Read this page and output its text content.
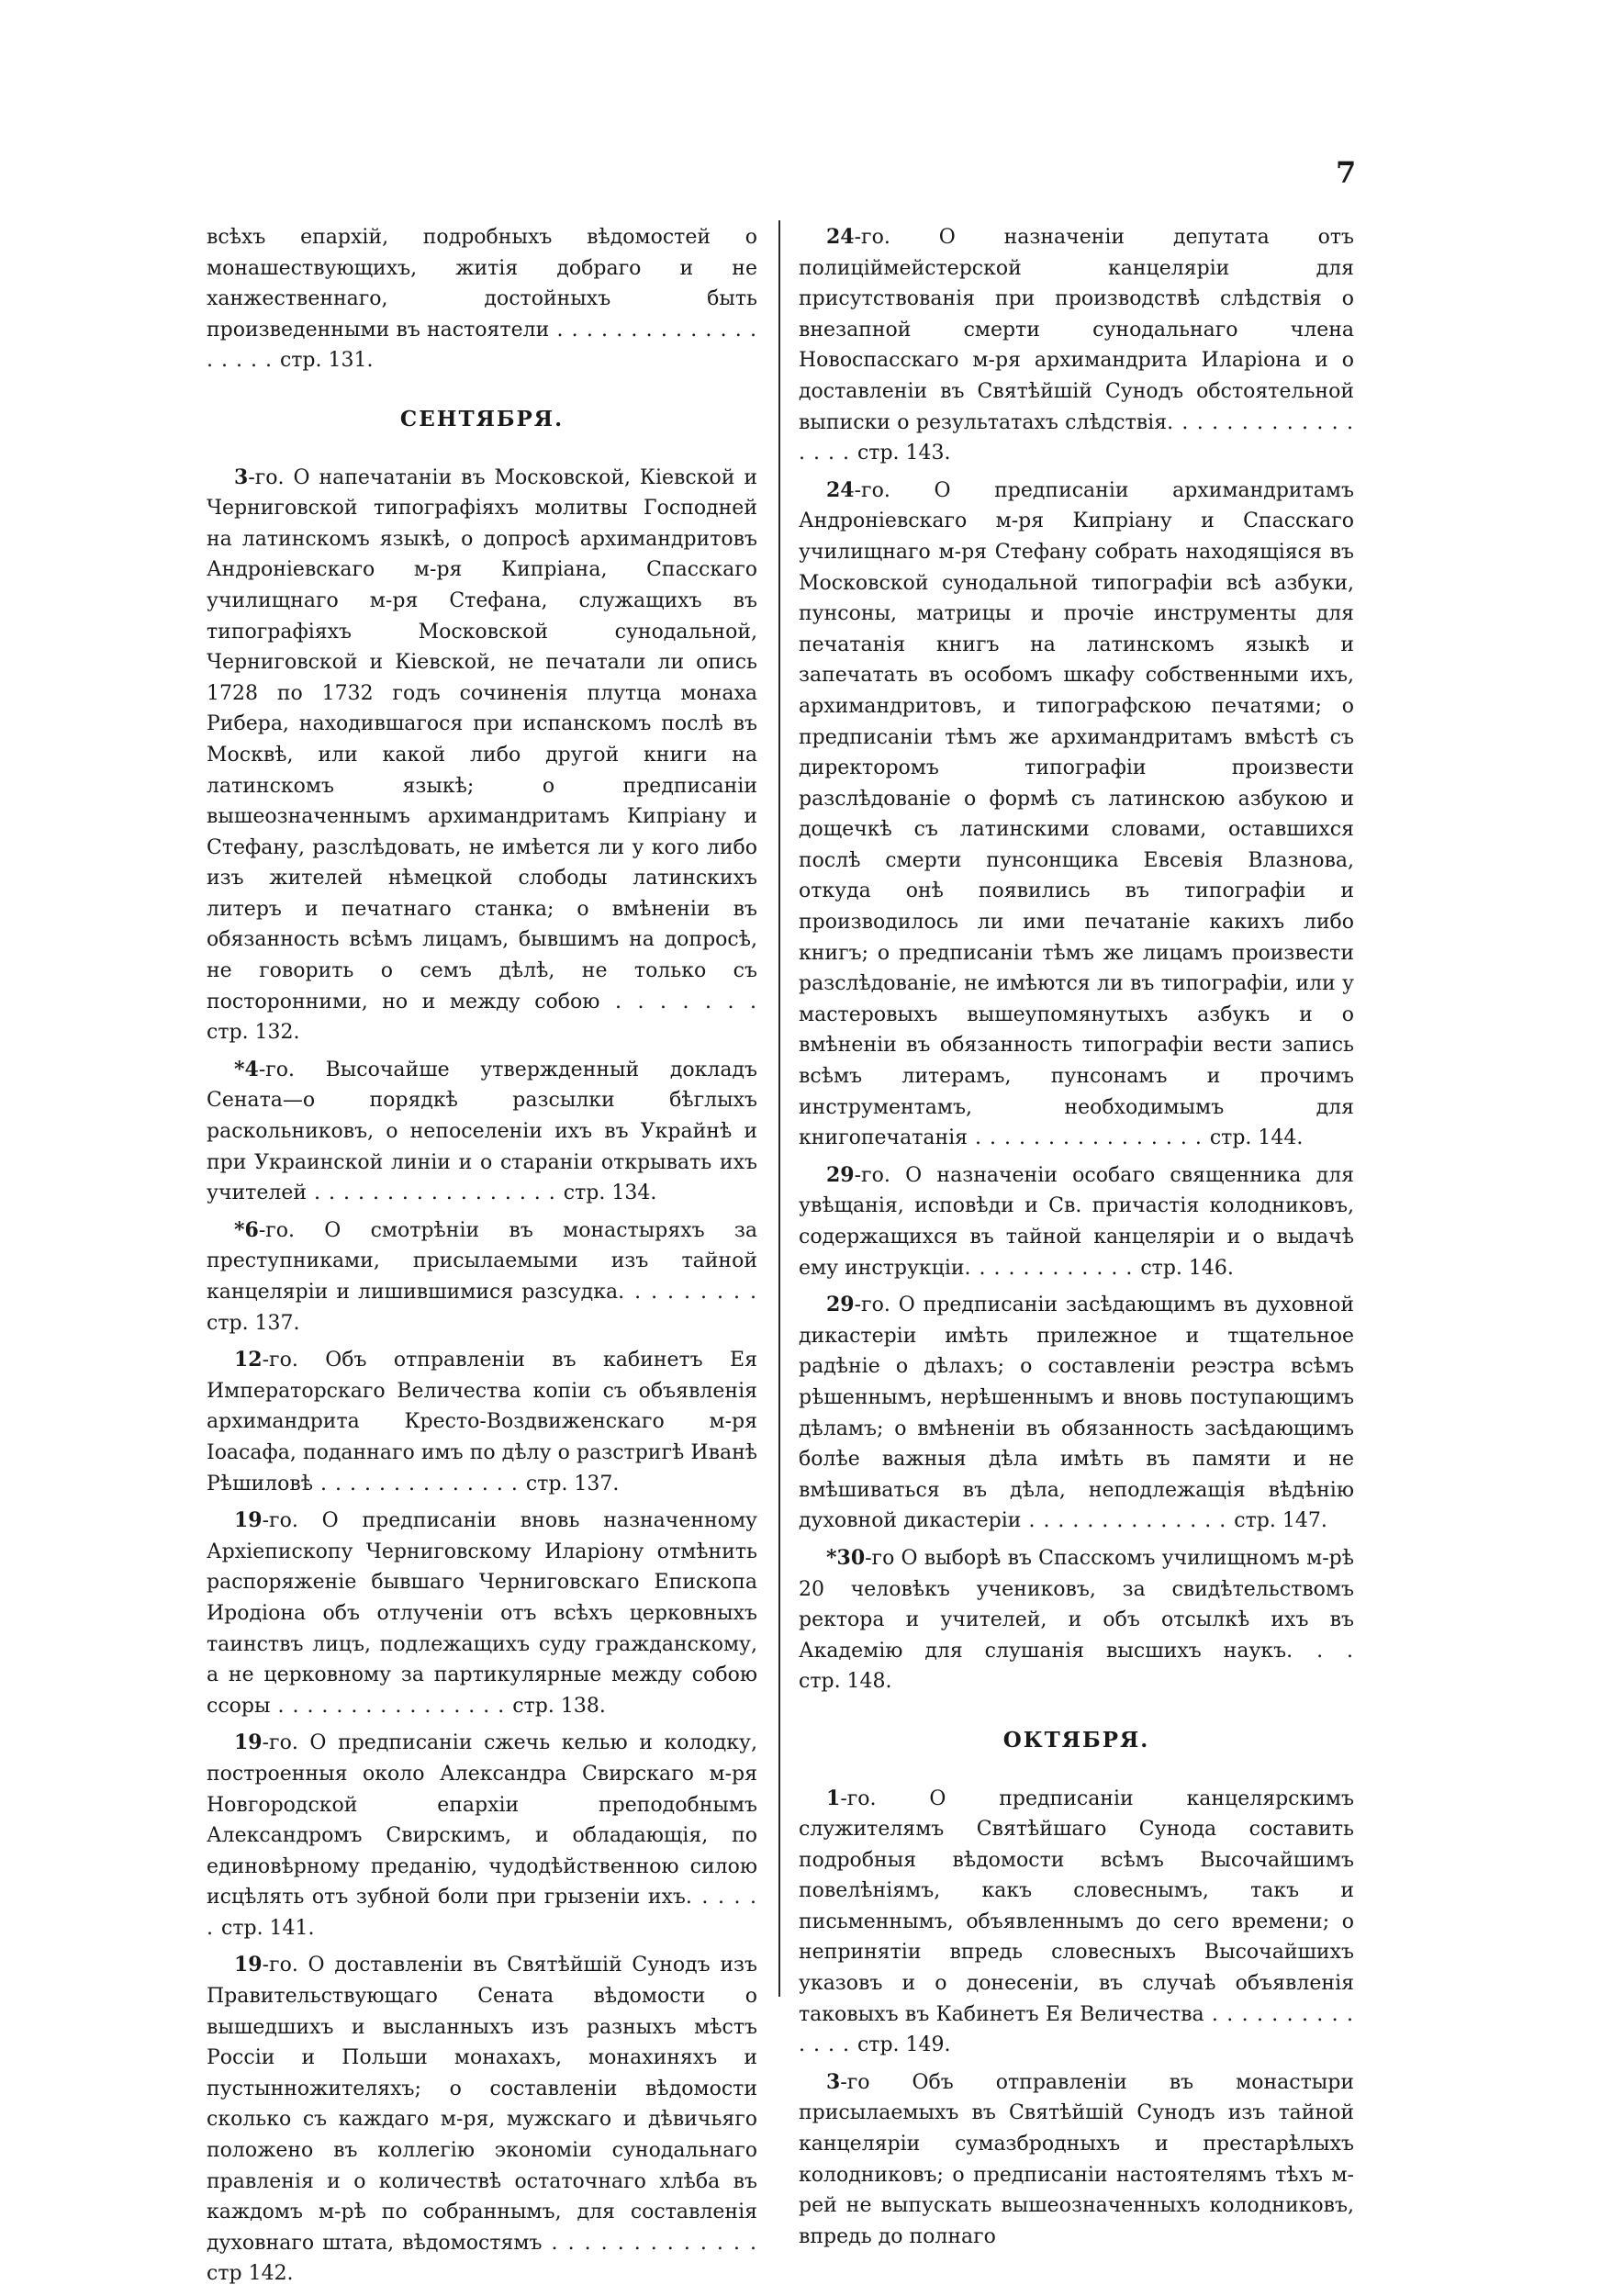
7

всѣхъ епархій, подробныхъ вѣдомостей о монашествующихъ, житія добраго и не ханжественнаго, достойныхъ быть произведенными въ настоятели . . . . . . . . . . . . . . . . . . . стр. 131.

СЕНТЯБРЯ.

3-го. О напечатаніи въ Московской, Кіевской и Черниговской типографіяхъ молитвы Господней на латинскомъ языкѣ, о допросѣ архимандритовъ Андроніевскаго м-ря Кипріана, Спасскаго училищнаго м-ря Стефана, служащихъ въ типографіяхъ Московской сунодальной, Черниговской и Кіевской, не печатали ли опись 1728 по 1732 годъ сочиненія плутца монаха Рибера, находившагося при испанскомъ послѣ въ Москвѣ, или какой либо другой книги на латинскомъ языкѣ; о предписаніи вышеозначеннымъ архимандритамъ Кипріану и Стефану, разслѣдовать, не имѣется ли у кого либо изъ жителей нѣмецкой слободы латинскихъ литеръ и печатнаго станка; о вмѣненіи въ обязанность всѣмъ лицамъ, бывшимъ на допросѣ, не говорить о семъ дѣлѣ, не только съ посторонними, но и между собою . . . . . . . стр. 132.

*4-го. Высочайше утвержденный докладъ Сената—о порядкѣ разсылки бѣглыхъ раскольниковъ, о непоселеніи ихъ въ Украйнѣ и при Украинской линіи и о стараніи открывать ихъ учителей . . . . . . . . . . . . . . . . . стр. 134.

*6-го. О смотрѣніи въ монастыряхъ за преступниками, присылаемыми изъ тайной канцеляріи и лишившимися разсудка. . . . . . . . . стр. 137.

12-го. Объ отправленіи въ кабинетъ Ея Императорскаго Величества копіи съ объявленія архимандрита Кресто-Воздвиженскаго м-ря Іоасафа, поданнаго имъ по дѣлу о разстригѣ Иванѣ Рѣшиловѣ . . . . . . . . . . . . . . стр. 137.

19-го. О предписаніи вновь назначенному Архіепископу Черниговскому Иларіону отмѣнить распоряженіе бывшаго Черниговскаго Епископа Иродіона объ отлученіи отъ всѣхъ церковныхъ таинствъ лицъ, подлежащихъ суду гражданскому, а не церковному за партикулярные между собою ссоры . . . . . . . . . . . . . . . . стр. 138.

19-го. О предписаніи сжечь келью и колодку, построенныя около Александра Свирскаго м-ря Новгородской епархіи преподобнымъ Александромъ Свирскимъ, и обладающія, по единовѣрному преданію, чудодѣйственною силою исцѣлять отъ зубной боли при грызеніи ихъ. . . . . . стр. 141.

19-го. О доставленіи въ Святѣйшій Сунодъ изъ Правительствующаго Сената вѣдомости о вышедшихъ и высланныхъ изъ разныхъ мѣстъ Россіи и Польши монахахъ, монахиняхъ и пустынножителяхъ; о составленіи вѣдомости сколько съ каждаго м-ря, мужскаго и дѣвичьяго положено въ коллегію экономіи сунодальнаго правленія и о количествѣ остаточнаго хлѣба въ каждомъ м-рѣ по собраннымъ, для составленія духовнаго штата, вѣдомостямъ . . . . . . . . . . . . . стр 142.

24-го. О назначеніи депутата отъ полиціймейстерской канцеляріи для присутствованія при производствѣ слѣдствія о внезапной смерти сунодальнаго члена Новоспасскаго м-ря архимандрита Иларіона и о доставленіи въ Святѣйшій Сунодъ обстоятельной выписки о результатахъ слѣдствія. . . . . . . . . . . . . . . . . стр. 143.

24-го. О предписаніи архимандритамъ Андроніевскаго м-ря Кипріану и Спасскаго училищнаго м-ря Стефану собрать находящіяся въ Московской сунодальной типографіи всѣ азбуки, пунсоны, матрицы и прочіе инструменты для печатанія книгъ на латинскомъ языкѣ и запечатать въ особомъ шкафу собственными ихъ, архимандритовъ, и типографскою печатями; о предписаніи тѣмъ же архимандритамъ вмѣстѣ съ директоромъ типографіи произвести разслѣдованіе о формѣ съ латинскою азбукою и дощечкѣ съ латинскими словами, оставшихся послѣ смерти пунсонщика Евсевія Влазнова, откуда онѣ появились въ типографіи и производилось ли ими печатаніе какихъ либо книгъ; о предписаніи тѣмъ же лицамъ произвести разслѣдованіе, не имѣются ли въ типографіи, или у мастеровыхъ вышеупомянутыхъ азбукъ и о вмѣненіи въ обязанность типографіи вести запись всѣмъ литерамъ, пунсонамъ и прочимъ инструментамъ, необходимымъ для книгопечатанія . . . . . . . . . . . . . . . . стр. 144.

29-го. О назначеніи особаго священника для увѣщанія, исповѣди и Св. причастія колодниковъ, содержащихся въ тайной канцеляріи и о выдачѣ ему инструкціи. . . . . . . . . . . . стр. 146.

29-го. О предписаніи засѣдающимъ въ духовной дикастеріи имѣть прилежное и тщательное радѣніе о дѣлахъ; о составленіи реэстра всѣмъ рѣшеннымъ, нерѣшеннымъ и вновь поступающимъ дѣламъ; о вмѣненіи въ обязанность засѣдающимъ болѣе важныя дѣла имѣть въ памяти и не вмѣшиваться въ дѣла, неподлежащія вѣдѣнію духовной дикастеріи . . . . . . . . . . . . . . стр. 147.

*30-го О выборѣ въ Спасскомъ училищномъ м-рѣ 20 человѣкъ учениковъ, за свидѣтельствомъ ректора и учителей, и объ отсылкѣ ихъ въ Академію для слушанія высшихъ наукъ. . . стр. 148.

ОКТЯБРЯ.

1-го. О предписаніи канцелярскимъ служителямъ Святѣйшаго Сунода составить подробныя вѣдомости всѣмъ Высочайшимъ повелѣніямъ, какъ словеснымъ, такъ и письменнымъ, объявленнымъ до сего времени; о непринятіи впредь словесныхъ Высочайшихъ указовъ и о донесеніи, въ случаѣ объявленія таковыхъ въ Кабинетъ Ея Величества . . . . . . . . . . . . . . стр. 149.

3-го Объ отправленіи въ монастыри присылаемыхъ въ Святѣйшій Сунодъ изъ тайной канцеляріи сумазбродныхъ и престарѣлыхъ колодниковъ; о предписаніи настоятелямъ тѣхъ м-рей не выпускать вышеозначенныхъ колодниковъ, впредь до полнаго
